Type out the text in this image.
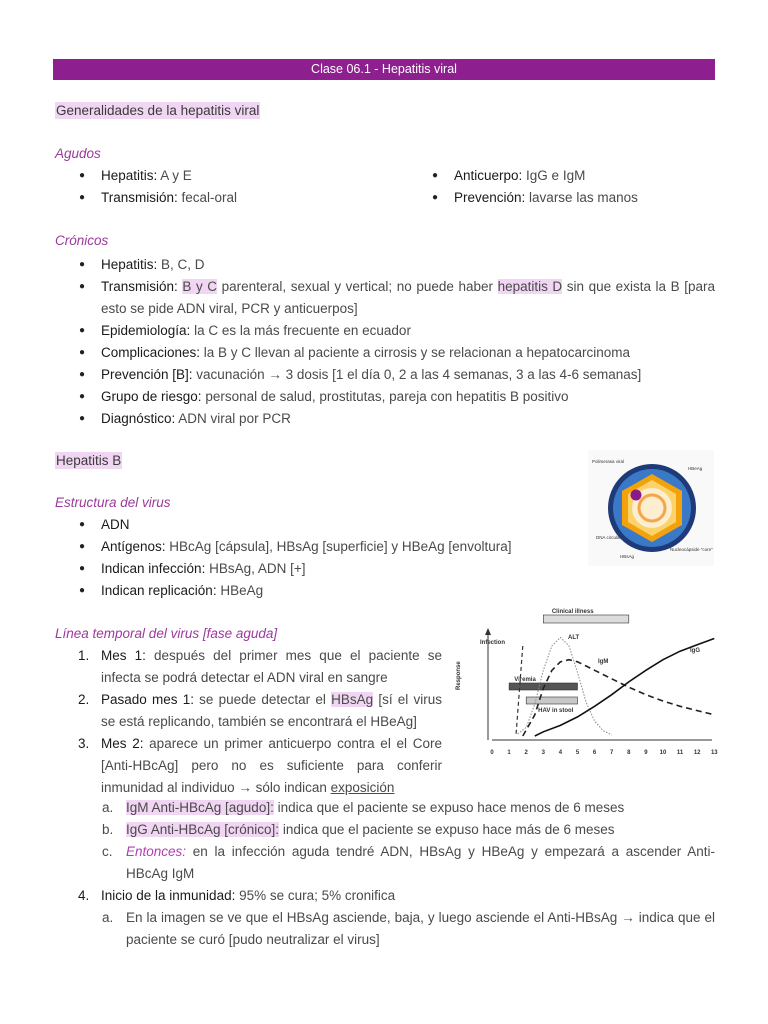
Clase 06.1 - Hepatitis viral
Generalidades de la hepatitis viral
Agudos
● Hepatitis: A y E
● Transmisión: fecal-oral
● Anticuerpo: IgG e IgM
● Prevención: lavarse las manos
Crónicos
● Hepatitis: B, C, D
● Transmisión: B y C parenteral, sexual y vertical; no puede haber hepatitis D sin que exista la B [para esto se pide ADN viral, PCR y anticuerpos]
● Epidemiología: la C es la más frecuente en ecuador
● Complicaciones: la B y C llevan al paciente a cirrosis y se relacionan a hepatocarcinoma
● Prevención [B]: vacunación → 3 dosis [1 el día 0, 2 a las 4 semanas, 3 a las 4-6 semanas]
● Grupo de riesgo: personal de salud, prostitutas, pareja con hepatitis B positivo
● Diagnóstico: ADN viral por PCR
Hepatitis B
Estructura del virus
● ADN
● Antígenos: HBcAg [cápsula], HBsAg [superficie] y HBeAg [envoltura]
● Indican infección: HBsAg, ADN [+]
● Indican replicación: HBeAg
Polimerasa viral
HBeAg
DNA circular
HBsAg
Nucleocápside "core"
Línea temporal del virus [fase aguda]
1. Mes 1: después del primer mes que el paciente se infecta se podrá detectar el ADN viral en sangre
2. Pasado mes 1: se puede detectar el HBsAg [sí el virus se está replicando, también se encontrará el HBeAg]
3. Mes 2: aparece un primer anticuerpo contra el el Core [Anti-HBcAg] pero no es suficiente para conferir inmunidad al individuo → sólo indican exposición
a. IgM Anti-HBcAg [agudo]: indica que el paciente se expuso hace menos de 6 meses
b. IgG Anti-HBcAg [crónico]: indica que el paciente se expuso hace más de 6 meses
c. Entonces: en la infección aguda tendré ADN, HBsAg y HBeAg y empezará a ascender Anti-HBcAg IgM
4. Inicio de la inmunidad: 95% se cura; 5% cronifica
a. En la imagen se ve que el HBsAg asciende, baja, y luego asciende el Anti-HBsAg → indica que el paciente se curó [pudo neutralizar el virus]
Response
0 1 2 3 4 5 6 7 8 9 10 11 12 13
Clinical illness
Viremia
HAV in stool
Infection
ALT
IgM
IgG
